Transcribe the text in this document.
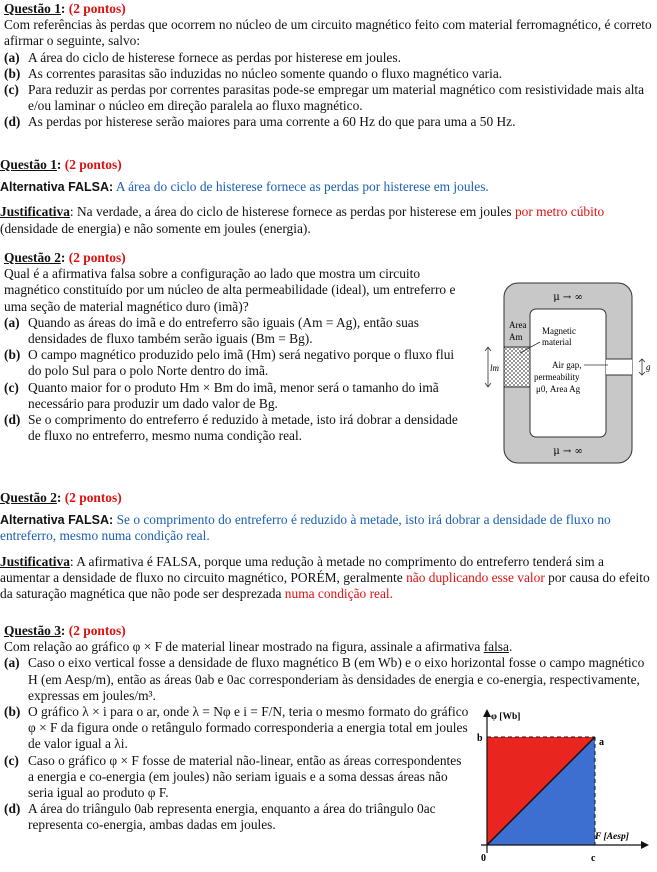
Questão 1: (2 pontos)
Com referências às perdas que ocorrem no núcleo de um circuito magnético feito com material ferromagnético, é correto afirmar o seguinte, salvo:
(a) A área do ciclo de histerese fornece as perdas por histerese em joules.
(b) As correntes parasitas são induzidas no núcleo somente quando o fluxo magnético varia.
(c) Para reduzir as perdas por correntes parasitas pode-se empregar um material magnético com resistividade mais alta e/ou laminar o núcleo em direção paralela ao fluxo magnético.
(d) As perdas por histerese serão maiores para uma corrente a 60 Hz do que para uma a 50 Hz.
Questão 1: (2 pontos)
Alternativa FALSA: A área do ciclo de histerese fornece as perdas por histerese em joules.
Justificativa: Na verdade, a área do ciclo de histerese fornece as perdas por histerese em joules por metro cúbito (densidade de energia) e não somente em joules (energia).
Questão 2: (2 pontos)
Qual é a afirmativa falsa sobre a configuração ao lado que mostra um circuito magnético constituído por um núcleo de alta permeabilidade (ideal), um entreferro e uma seção de material magnético duro (imã)?
(a) Quando as áreas do imã e do entreferro são iguais (Am = Ag), então suas densidades de fluxo também serão iguais (Bm = Bg).
(b) O campo magnético produzido pelo imã (Hm) será negativo porque o fluxo flui do polo Sul para o polo Norte dentro do imã.
(c) Quanto maior for o produto Hm × Bm do imã, menor será o tamanho do imã necessário para produzir um dado valor de Bg.
(d) Se o comprimento do entreferro é reduzido à metade, isto irá dobrar a densidade de fluxo no entreferro, mesmo numa condição real.
μ → ∞
μ → ∞
Area
Am
Magnetic
material
Air gap,
permeability
μ0, Area Ag
lm	g
Questão 2: (2 pontos)
Alternativa FALSA: Se o comprimento do entreferro é reduzido à metade, isto irá dobrar a densidade de fluxo no entreferro, mesmo numa condição real.
Justificativa: A afirmativa é FALSA, porque uma redução à metade no comprimento do entreferro tenderá sim a aumentar a densidade de fluxo no circuito magnético, PORÉM, geralmente não duplicando esse valor por causa do efeito da saturação magnética que não pode ser desprezada numa condição real.
Questão 3: (2 pontos)
Com relação ao gráfico φ × F de material linear mostrado na figura, assinale a afirmativa falsa.
(a) Caso o eixo vertical fosse a densidade de fluxo magnético B (em Wb) e o eixo horizontal fosse o campo magnético H (em Aesp/m), então as áreas 0ab e 0ac corresponderiam às densidades de energia e co-energia, respectivamente, expressas em joules/m³.
(b) O gráfico λ × i para o ar, onde λ = Nφ e i = F/N, teria o mesmo formato do gráfico φ × F da figura onde o retângulo formado corresponderia a energia total em joules de valor igual a λi.
(c) Caso o gráfico φ × F fosse de material não-linear, então as áreas correspondentes a energia e co-energia (em joules) não seriam iguais e a soma dessas áreas não seria igual ao produto φ F.
(d) A área do triângulo 0ab representa energia, enquanto a área do triângulo 0ac representa co-energia, ambas dadas em joules.
φ [Wb]
F [Aesp]
b	a
0	c
